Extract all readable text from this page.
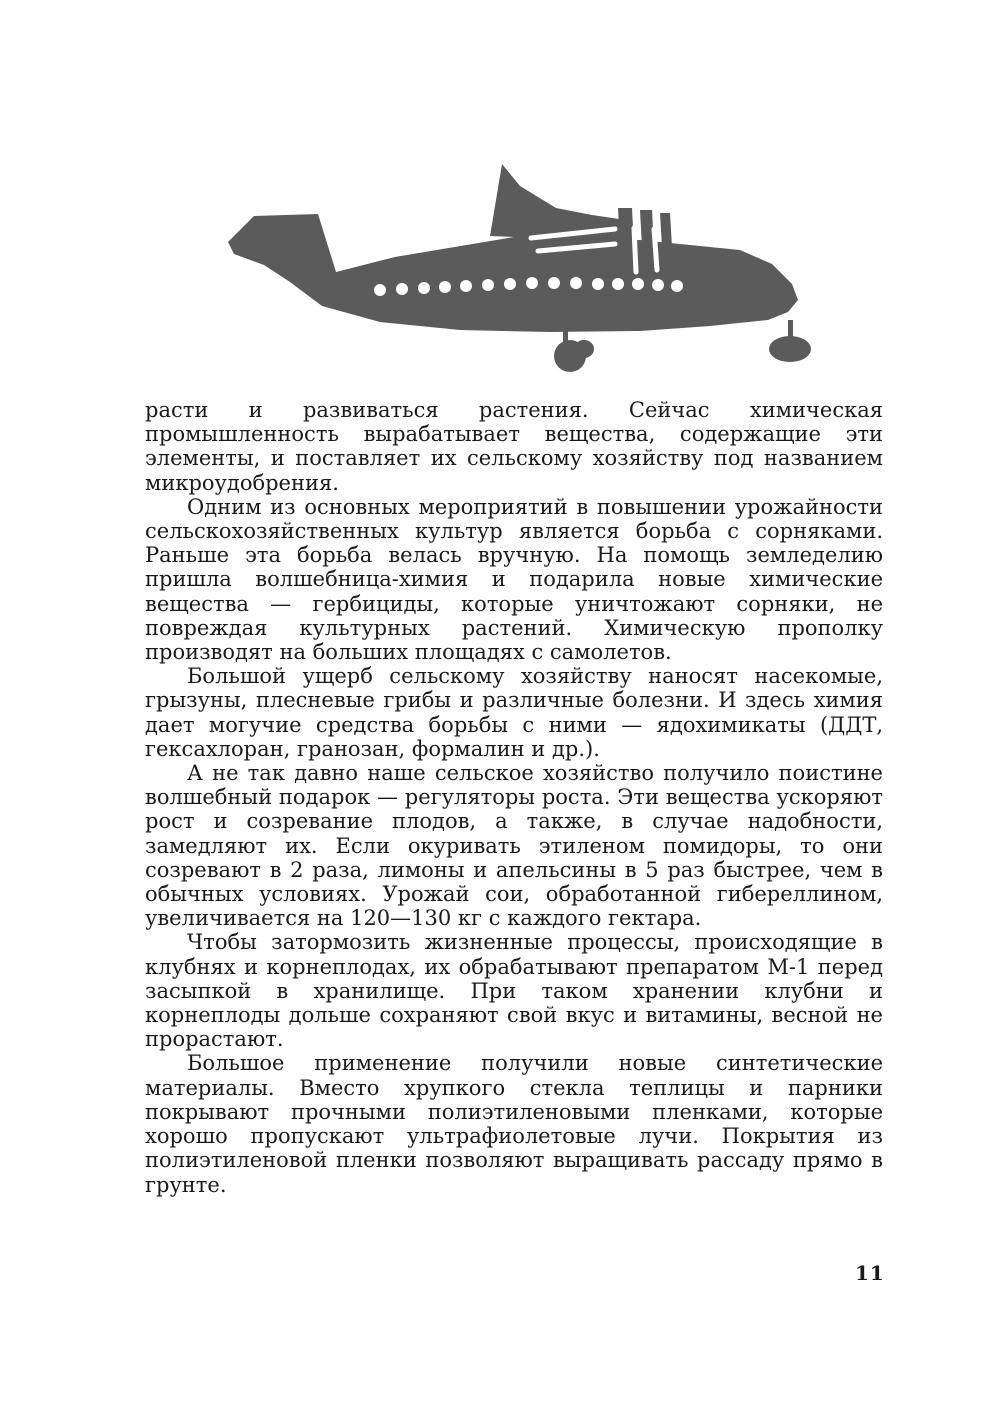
расти и развиваться растения. Сейчас химическая промышленность вырабатывает вещества, содержащие эти элементы, и поставляет их сельскому хозяйству под названием микроудобрения.

Одним из основных мероприятий в повышении урожайности сельскохозяйственных культур является борьба с сорняками. Раньше эта борьба велась вручную. На помощь земледелию пришла волшебница-химия и подарила новые химические вещества — гербициды, которые уничтожают сорняки, не повреждая культурных растений. Химическую прополку производят на больших площадях с самолетов.

Большой ущерб сельскому хозяйству наносят насекомые, грызуны, плесневые грибы и различные болезни. И здесь химия дает могучие средства борьбы с ними — ядохимикаты (ДДТ, гексахлоран, гранозан, формалин и др.).

А не так давно наше сельское хозяйство получило поистине волшебный подарок — регуляторы роста. Эти вещества ускоряют рост и созревание плодов, а также, в случае надобности, замедляют их. Если окуривать этиленом помидоры, то они созревают в 2 раза, лимоны и апельсины в 5 раз быстрее, чем в обычных условиях. Урожай сои, обработанной гибереллином, увеличивается на 120—130 кг с каждого гектара.

Чтобы затормозить жизненные процессы, происходящие в клубнях и корнеплодах, их обрабатывают препаратом М-1 перед засыпкой в хранилище. При таком хранении клубни и корнеплоды дольше сохраняют свой вкус и витамины, весной не прорастают.

Большое применение получили новые синтетические материалы. Вместо хрупкого стекла теплицы и парники покрывают прочными полиэтиленовыми пленками, которые хорошо пропускают ультрафиолетовые лучи. Покрытия из полиэтиленовой пленки позволяют выращивать рассаду прямо в грунте.

11
